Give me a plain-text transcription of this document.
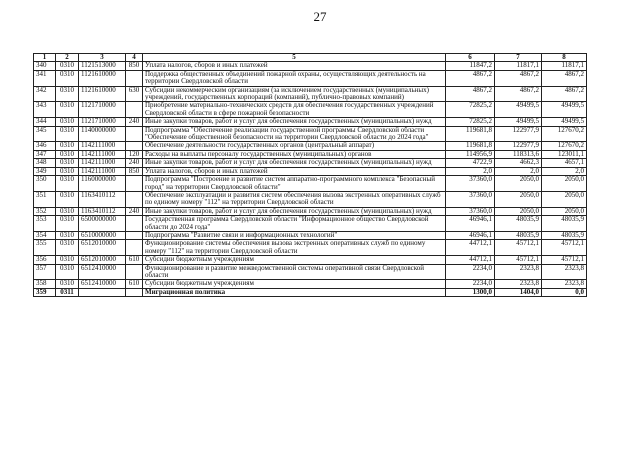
27
1	2	3	4	5	6	7	8
340	0310	1121513000	850	Уплата налогов, сборов и иных платежей	11847,2	11817,1	11817,1
341	0310	1121610000		Поддержка общественных объединений пожарной охраны, осуществляющих деятельность на территории Свердловской области	4867,2	4867,2	4867,2
342	0310	1121610000	630	Субсидии некоммерческим организациям (за исключением государственных (муниципальных) учреждений, государственных корпораций (компаний), публично-правовых компаний)	4867,2	4867,2	4867,2
343	0310	1121710000		Приобретение материально-технических средств для обеспечения государственных учреждений Свердловской области в сфере пожарной безопасности	72825,2	49499,5	49499,5
344	0310	1121710000	240	Иные закупки товаров, работ и услуг для обеспечения государственных (муниципальных) нужд	72825,2	49499,5	49499,5
345	0310	1140000000		Подпрограмма "Обеспечение реализации государственной программы Свердловской области "Обеспечение общественной безопасности на территории Свердловской области до 2024 года"	119681,8	122977,9	127670,2
346	0310	1142111000		Обеспечение деятельности государственных органов (центральный аппарат)	119681,8	122977,9	127670,2
347	0310	1142111000	120	Расходы на выплаты персоналу государственных (муниципальных) органов	114956,9	118313,6	123011,1
348	0310	1142111000	240	Иные закупки товаров, работ и услуг для обеспечения государственных (муниципальных) нужд	4722,9	4662,3	4657,1
349	0310	1142111000	850	Уплата налогов, сборов и иных платежей	2,0	2,0	2,0
350	0310	1160000000		Подпрограмма "Построение и развитие систем аппаратно-программного комплекса "Безопасный город" на территории Свердловской области"	37360,0	2050,0	2050,0
351	0310	1163410112		Обеспечение эксплуатации и развития систем обеспечения вызова экстренных оперативных служб по единому номеру "112" на территории Свердловской области	37360,0	2050,0	2050,0
352	0310	1163410112	240	Иные закупки товаров, работ и услуг для обеспечения государственных (муниципальных) нужд	37360,0	2050,0	2050,0
353	0310	6500000000		Государственная программа Свердловской области "Информационное общество Свердловской области до 2024 года"	46946,1	48035,9	48035,9
354	0310	6510000000		Подпрограмма "Развитие связи и информационных технологий"	46946,1	48035,9	48035,9
355	0310	6512010000		Функционирование системы обеспечения вызова экстренных оперативных служб по единому номеру "112" на территории Свердловской области	44712,1	45712,1	45712,1
356	0310	6512010000	610	Субсидии бюджетным учреждениям	44712,1	45712,1	45712,1
357	0310	6512410000		Функционирование и развитие межведомственной системы оперативной связи Свердловской области	2234,0	2323,8	2323,8
358	0310	6512410000	610	Субсидии бюджетным учреждениям	2234,0	2323,8	2323,8
359	0311			Миграционная политика	1300,0	1404,0	0,0
